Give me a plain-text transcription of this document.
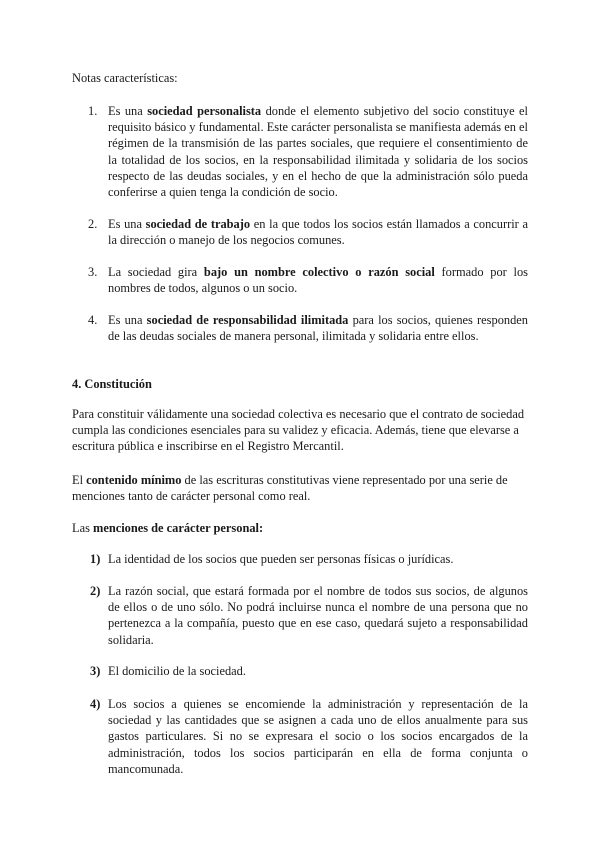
Notas características:

1. Es una sociedad personalista donde el elemento subjetivo del socio constituye el requisito básico y fundamental. Este carácter personalista se manifiesta además en el régimen de la transmisión de las partes sociales, que requiere el consentimiento de la totalidad de los socios, en la responsabilidad ilimitada y solidaria de los socios respecto de las deudas sociales, y en el hecho de que la administración sólo pueda conferirse a quien tenga la condición de socio.

2. Es una sociedad de trabajo en la que todos los socios están llamados a concurrir a la dirección o manejo de los negocios comunes.

3. La sociedad gira bajo un nombre colectivo o razón social formado por los nombres de todos, algunos o un socio.

4. Es una sociedad de responsabilidad ilimitada para los socios, quienes responden de las deudas sociales de manera personal, ilimitada y solidaria entre ellos.

4. Constitución

Para constituir válidamente una sociedad colectiva es necesario que el contrato de sociedad cumpla las condiciones esenciales para su validez y eficacia. Además, tiene que elevarse a escritura pública e inscribirse en el Registro Mercantil.

El contenido mínimo de las escrituras constitutivas viene representado por una serie de menciones tanto de carácter personal como real.

Las menciones de carácter personal:

1) La identidad de los socios que pueden ser personas físicas o jurídicas.

2) La razón social, que estará formada por el nombre de todos sus socios, de algunos de ellos o de uno sólo. No podrá incluirse nunca el nombre de una persona que no pertenezca a la compañía, puesto que en ese caso, quedará sujeto a responsabilidad solidaria.

3) El domicilio de la sociedad.

4) Los socios a quienes se encomiende la administración y representación de la sociedad y las cantidades que se asignen a cada uno de ellos anualmente para sus gastos particulares. Si no se expresara el socio o los socios encargados de la administración, todos los socios participarán en ella de forma conjunta o mancomunada.
